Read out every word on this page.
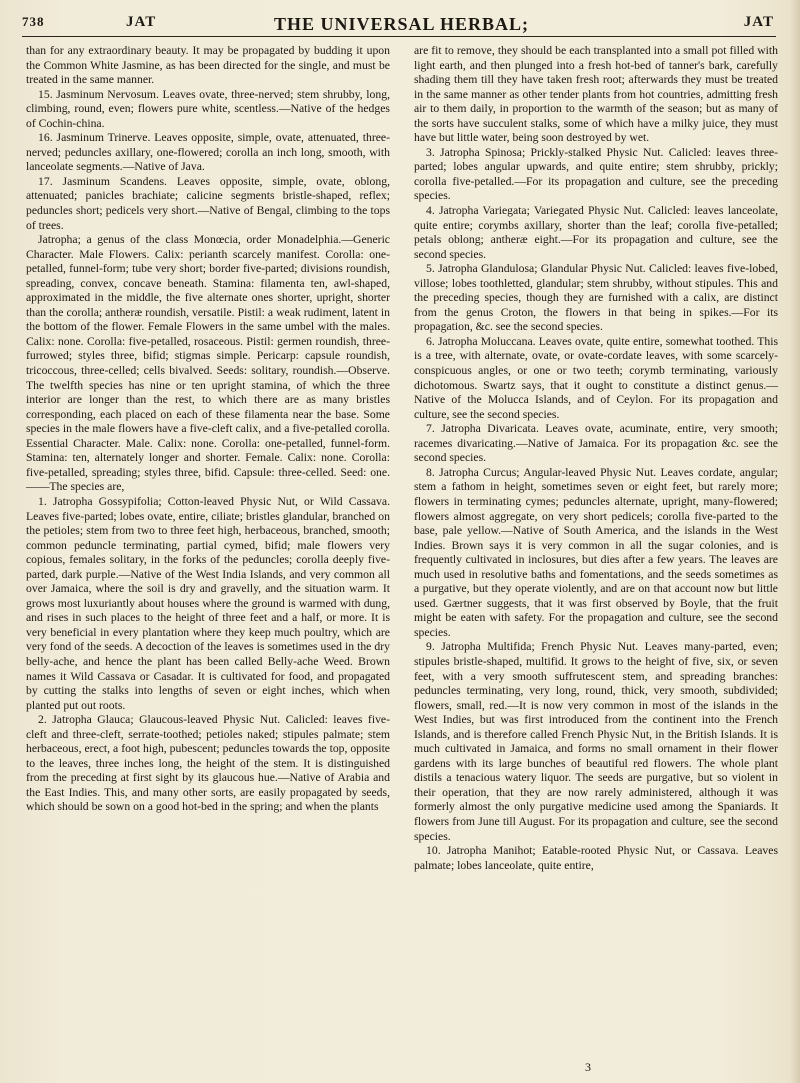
738	JAT	THE UNIVERSAL HERBAL;	JAT

than for any extraordinary beauty. It may be propagated by budding it upon the Common White Jasmine, as has been directed for the single, and must be treated in the same manner.

15. Jasminum Nervosum. Leaves ovate, three-nerved; stem shrubby, long, climbing, round, even; flowers pure white, scentless.—Native of the hedges of Cochin-china.

16. Jasminum Trinerve. Leaves opposite, simple, ovate, attenuated, three-nerved; peduncles axillary, one-flowered; corolla an inch long, smooth, with lanceolate segments.—Native of Java.

17. Jasminum Scandens. Leaves opposite, simple, ovate, oblong, attenuated; panicles brachiate; calicine segments bristle-shaped, reflex; peduncles short; pedicels very short.—Native of Bengal, climbing to the tops of trees.

Jatropha; a genus of the class Monœcia, order Monadelphia.—Generic Character. Male Flowers. Calix: perianth scarcely manifest. Corolla: one-petalled, funnel-form; tube very short; border five-parted; divisions roundish, spreading, convex, concave beneath. Stamina: filamenta ten, awl-shaped, approximated in the middle, the five alternate ones shorter, upright, shorter than the corolla; antheræ roundish, versatile. Pistil: a weak rudiment, latent in the bottom of the flower. Female Flowers in the same umbel with the males. Calix: none. Corolla: five-petalled, rosaceous. Pistil: germen roundish, three-furrowed; styles three, bifid; stigmas simple. Pericarp: capsule roundish, tricoccous, three-celled; cells bivalved. Seeds: solitary, roundish.—Observe. The twelfth species has nine or ten upright stamina, of which the three interior are longer than the rest, to which there are as many bristles corresponding, each placed on each of these filamenta near the base. Some species in the male flowers have a five-cleft calix, and a five-petalled corolla. Essential Character. Male. Calix: none. Corolla: one-petalled, funnel-form. Stamina: ten, alternately longer and shorter. Female. Calix: none. Corolla: five-petalled, spreading; styles three, bifid. Capsule: three-celled. Seed: one.——The species are,

1. Jatropha Gossypifolia; Cotton-leaved Physic Nut, or Wild Cassava. Leaves five-parted; lobes ovate, entire, ciliate; bristles glandular, branched on the petioles; stem from two to three feet high, herbaceous, branched, smooth; common peduncle terminating, partial cymed, bifid; male flowers very copious, females solitary, in the forks of the peduncles; corolla deeply five-parted, dark purple.—Native of the West India Islands, and very common all over Jamaica, where the soil is dry and gravelly, and the situation warm. It grows most luxuriantly about houses where the ground is warmed with dung, and rises in such places to the height of three feet and a half, or more. It is very beneficial in every plantation where they keep much poultry, which are very fond of the seeds. A decoction of the leaves is sometimes used in the dry belly-ache, and hence the plant has been called Belly-ache Weed. Brown names it Wild Cassava or Casadar. It is cultivated for food, and propagated by cutting the stalks into lengths of seven or eight inches, which when planted put out roots.

2. Jatropha Glauca; Glaucous-leaved Physic Nut. Calicled: leaves five-cleft and three-cleft, serrate-toothed; petioles naked; stipules palmate; stem herbaceous, erect, a foot high, pubescent; peduncles towards the top, opposite to the leaves, three inches long, the height of the stem. It is distinguished from the preceding at first sight by its glaucous hue.—Native of Arabia and the East Indies. This, and many other sorts, are easily propagated by seeds, which should be sown on a good hot-bed in the spring; and when the plants

are fit to remove, they should be each transplanted into a small pot filled with light earth, and then plunged into a fresh hot-bed of tanner's bark, carefully shading them till they have taken fresh root; afterwards they must be treated in the same manner as other tender plants from hot countries, admitting fresh air to them daily, in proportion to the warmth of the season; but as many of the sorts have succulent stalks, some of which have a milky juice, they must have but little water, being soon destroyed by wet.

3. Jatropha Spinosa; Prickly-stalked Physic Nut. Calicled: leaves three-parted; lobes angular upwards, and quite entire; stem shrubby, prickly; corolla five-petalled.—For its propagation and culture, see the preceding species.

4. Jatropha Variegata; Variegated Physic Nut. Calicled: leaves lanceolate, quite entire; corymbs axillary, shorter than the leaf; corolla five-petalled; petals oblong; antheræ eight.—For its propagation and culture, see the second species.

5. Jatropha Glandulosa; Glandular Physic Nut. Calicled: leaves five-lobed, villose; lobes toothletted, glandular; stem shrubby, without stipules. This and the preceding species, though they are furnished with a calix, are distinct from the genus Croton, the flowers in that being in spikes.—For its propagation, &c. see the second species.

6. Jatropha Moluccana. Leaves ovate, quite entire, somewhat toothed. This is a tree, with alternate, ovate, or ovate-cordate leaves, with some scarcely-conspicuous angles, or one or two teeth; corymb terminating, variously dichotomous. Swartz says, that it ought to constitute a distinct genus.—Native of the Molucca Islands, and of Ceylon. For its propagation and culture, see the second species.

7. Jatropha Divaricata. Leaves ovate, acuminate, entire, very smooth; racemes divaricating.—Native of Jamaica. For its propagation &c. see the second species.

8. Jatropha Curcus; Angular-leaved Physic Nut. Leaves cordate, angular; stem a fathom in height, sometimes seven or eight feet, but rarely more; flowers in terminating cymes; peduncles alternate, upright, many-flowered; flowers almost aggregate, on very short pedicels; corolla five-parted to the base, pale yellow.—Native of South America, and the islands in the West Indies. Brown says it is very common in all the sugar colonies, and is frequently cultivated in inclosures, but dies after a few years. The leaves are much used in resolutive baths and fomentations, and the seeds sometimes as a purgative, but they operate violently, and are on that account now but little used. Gærtner suggests, that it was first observed by Boyle, that the fruit might be eaten with safety. For the propagation and culture, see the second species.

9. Jatropha Multifida; French Physic Nut. Leaves many-parted, even; stipules bristle-shaped, multifid. It grows to the height of five, six, or seven feet, with a very smooth suffrutescent stem, and spreading branches: peduncles terminating, very long, round, thick, very smooth, subdivided; flowers, small, red.—It is now very common in most of the islands in the West Indies, but was first introduced from the continent into the French Islands, and is therefore called French Physic Nut, in the British Islands. It is much cultivated in Jamaica, and forms no small ornament in their flower gardens with its large bunches of beautiful red flowers. The whole plant distils a tenacious watery liquor. The seeds are purgative, but so violent in their operation, that they are now rarely administered, although it was formerly almost the only purgative medicine used among the Spaniards. It flowers from June till August. For its propagation and culture, see the second species.

10. Jatropha Manihot; Eatable-rooted Physic Nut, or Cassava. Leaves palmate; lobes lanceolate, quite entire,

3
